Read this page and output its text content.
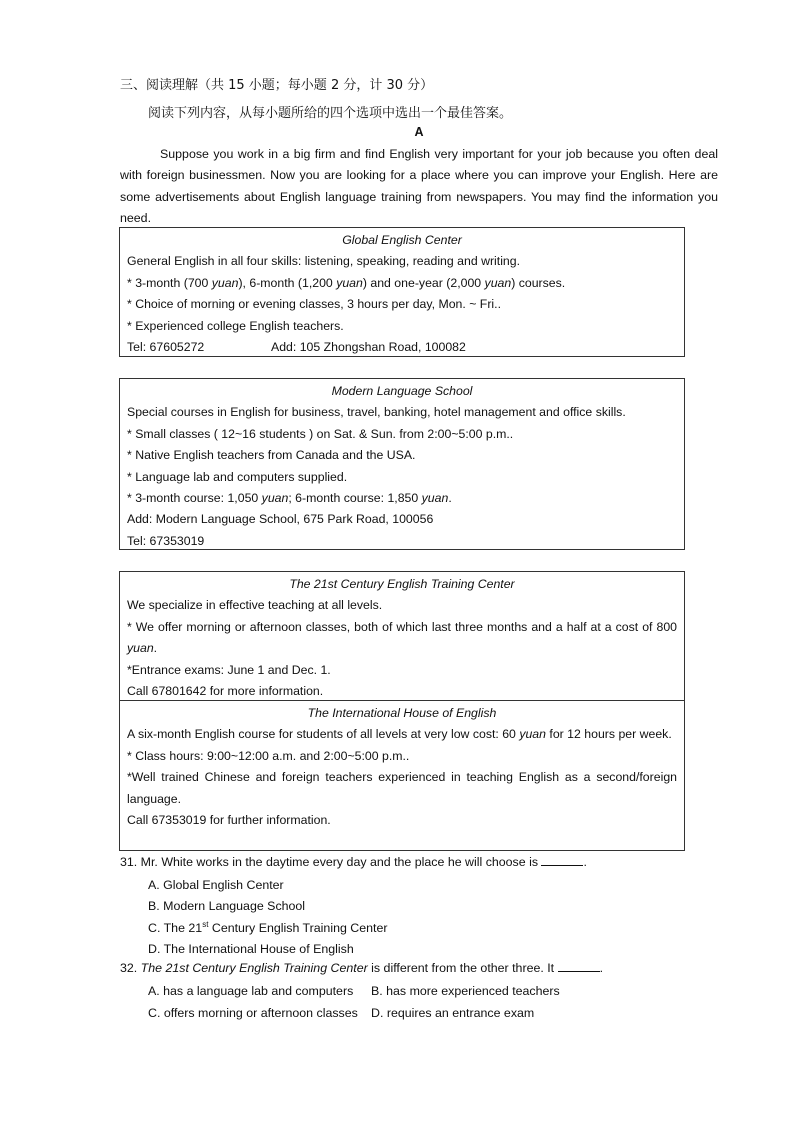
三、阅读理解（共 15 小题；每小题 2 分，计 30 分）
阅读下列内容，从每小题所给的四个选项中选出一个最佳答案。
A
Suppose you work in a big firm and find English very important for your job because you often deal with foreign businessmen. Now you are looking for a place where you can improve your English. Here are some advertisements about English language training from newspapers. You may find the information you need.
Global English Center
General English in all four skills: listening, speaking, reading and writing.
* 3-month (700 yuan), 6-month (1,200 yuan) and one-year (2,000 yuan) courses.
* Choice of morning or evening classes, 3 hours per day, Mon. ~ Fri..
* Experienced college English teachers.
Tel: 67605272	Add: 105 Zhongshan Road, 100082
Modern Language School
Special courses in English for business, travel, banking, hotel management and office skills.
* Small classes ( 12~16 students ) on Sat. & Sun. from 2:00~5:00 p.m..
* Native English teachers from Canada and the USA.
* Language lab and computers supplied.
* 3-month course: 1,050 yuan; 6-month course: 1,850 yuan.
Add: Modern Language School, 675 Park Road, 100056
Tel: 67353019
The 21st Century English Training Center
We specialize in effective teaching at all levels.
* We offer morning or afternoon classes, both of which last three months and a half at a cost of 800 yuan.
*Entrance exams: June 1 and Dec. 1.
Call 67801642 for more information.
The International House of English
A six-month English course for students of all levels at very low cost: 60 yuan for 12 hours per week.
* Class hours: 9:00~12:00 a.m. and 2:00~5:00 p.m..
*Well trained Chinese and foreign teachers experienced in teaching English as a second/foreign language.
Call 67353019 for further information.
31. Mr. White works in the daytime every day and the place he will choose is	.
A. Global English Center
B. Modern Language School
C. The 21st Century English Training Center
D. The International House of English
32. The 21st Century English Training Center is different from the other three. It	.
A. has a language lab and computers B. has more experienced teachers
C. offers morning or afternoon classes D. requires an entrance exam
